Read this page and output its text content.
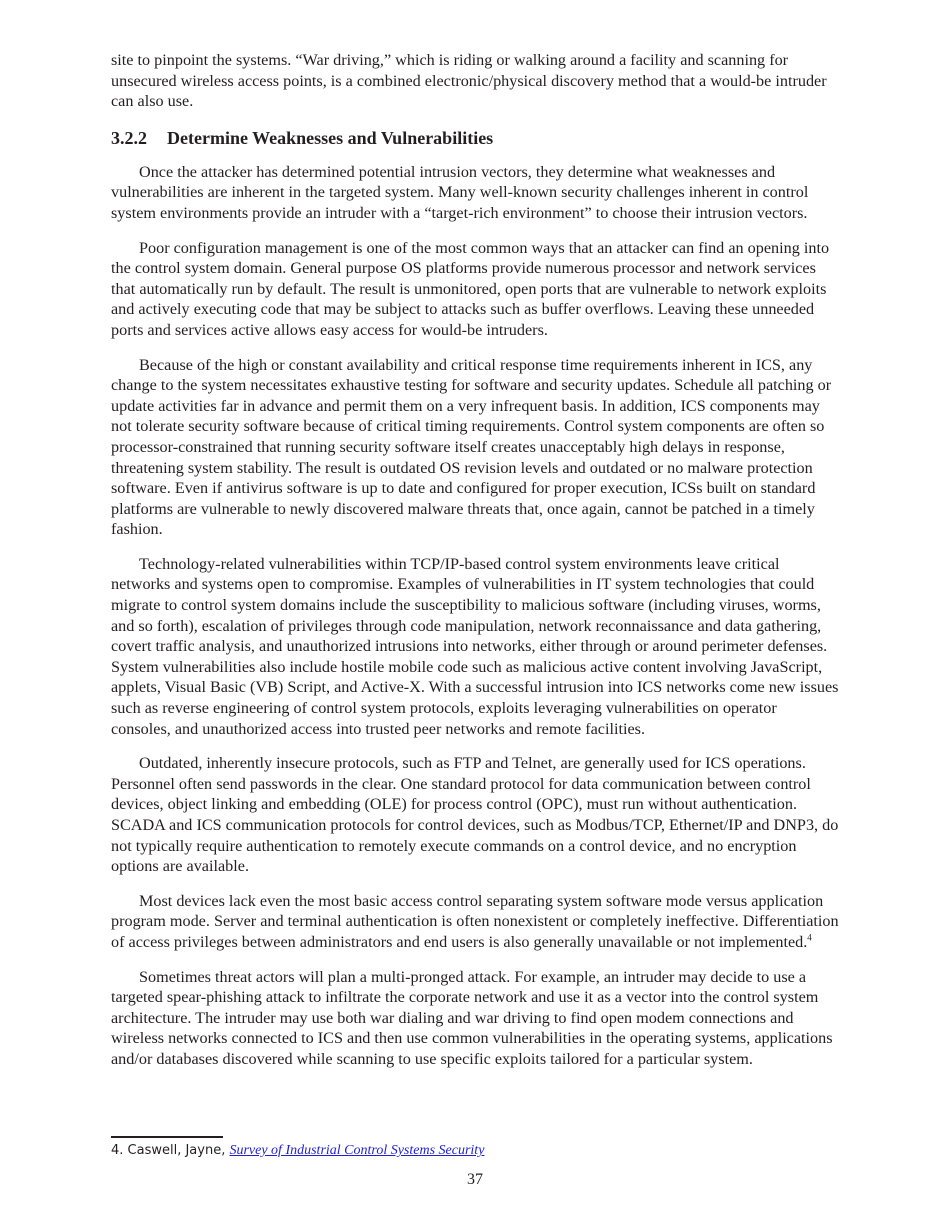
site to pinpoint the systems. “War driving,” which is riding or walking around a facility and scanning for unsecured wireless access points, is a combined electronic/physical discovery method that a would-be intruder can also use.

3.2.2 Determine Weaknesses and Vulnerabilities

Once the attacker has determined potential intrusion vectors, they determine what weaknesses and vulnerabilities are inherent in the targeted system. Many well-known security challenges inherent in control system environments provide an intruder with a “target-rich environment” to choose their intrusion vectors.

Poor configuration management is one of the most common ways that an attacker can find an opening into the control system domain. General purpose OS platforms provide numerous processor and network services that automatically run by default. The result is unmonitored, open ports that are vulnerable to network exploits and actively executing code that may be subject to attacks such as buffer overflows. Leaving these unneeded ports and services active allows easy access for would-be intruders.

Because of the high or constant availability and critical response time requirements inherent in ICS, any change to the system necessitates exhaustive testing for software and security updates. Schedule all patching or update activities far in advance and permit them on a very infrequent basis. In addition, ICS components may not tolerate security software because of critical timing requirements. Control system components are often so processor-constrained that running security software itself creates unacceptably high delays in response, threatening system stability. The result is outdated OS revision levels and outdated or no malware protection software. Even if antivirus software is up to date and configured for proper execution, ICSs built on standard platforms are vulnerable to newly discovered malware threats that, once again, cannot be patched in a timely fashion.

Technology-related vulnerabilities within TCP/IP-based control system environments leave critical networks and systems open to compromise. Examples of vulnerabilities in IT system technologies that could migrate to control system domains include the susceptibility to malicious software (including viruses, worms, and so forth), escalation of privileges through code manipulation, network reconnaissance and data gathering, covert traffic analysis, and unauthorized intrusions into networks, either through or around perimeter defenses. System vulnerabilities also include hostile mobile code such as malicious active content involving JavaScript, applets, Visual Basic (VB) Script, and Active-X. With a successful intrusion into ICS networks come new issues such as reverse engineering of control system protocols, exploits leveraging vulnerabilities on operator consoles, and unauthorized access into trusted peer networks and remote facilities.

Outdated, inherently insecure protocols, such as FTP and Telnet, are generally used for ICS operations. Personnel often send passwords in the clear. One standard protocol for data communication between control devices, object linking and embedding (OLE) for process control (OPC), must run without authentication. SCADA and ICS communication protocols for control devices, such as Modbus/TCP, Ethernet/IP and DNP3, do not typically require authentication to remotely execute commands on a control device, and no encryption options are available.

Most devices lack even the most basic access control separating system software mode versus application program mode. Server and terminal authentication is often nonexistent or completely ineffective. Differentiation of access privileges between administrators and end users is also generally unavailable or not implemented.$^4$

Sometimes threat actors will plan a multi-pronged attack. For example, an intruder may decide to use a targeted spear-phishing attack to infiltrate the corporate network and use it as a vector into the control system architecture. The intruder may use both war dialing and war driving to find open modem connections and wireless networks connected to ICS and then use common vulnerabilities in the operating systems, applications and/or databases discovered while scanning to use specific exploits tailored for a particular system.

4. Caswell, Jayne, Survey of Industrial Control Systems Security
37
